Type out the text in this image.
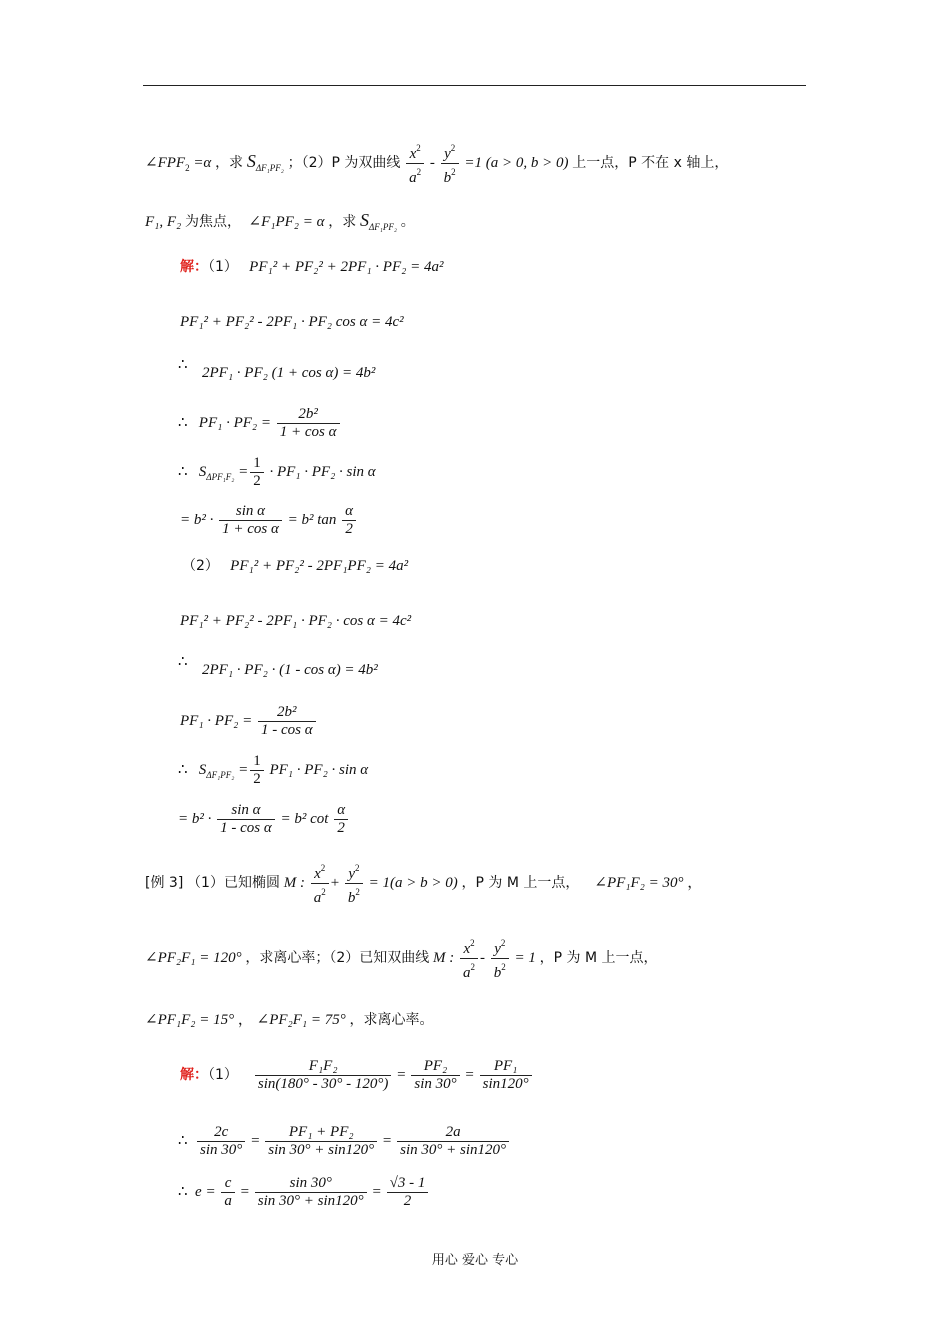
$\angle FPF_2 =\alpha$ ，求 $S_{\Delta F_1PF_2}$ ；（2）P 为双曲线 $\frac{x^2}{a^2} - \frac{y^2}{b^2} =1$ (a > 0, b > 0) 上一点，P 不在 x 轴上，
F₁, F₂ 为焦点， ∠F₁PF₂ = α ，求 $S_{\Delta F_1PF_2}$ 。
解：（1） PF₁² + PF₂² + 2PF₁ · PF₂ = 4a²
PF₁² + PF₂² - 2PF₁ · PF₂ cos α = 4c²
∴ 2PF₁ · PF₂ (1 + cos α) = 4b²
∴ $PF_1 \cdot PF_2 = \frac{\text{2b²}}{\text{1 + cos α}}$
∴ $S_{\Delta PF_1F_2} = \frac{1}{2} \cdot PF_1 \cdot PF_2 \cdot \sin \alpha$
= $b^2 \cdot \frac{\text{sin α}}{\text{1 + cos α}} = b^2$ $\tan \frac{\alpha}{2}$
（2） PF₁² + PF₂² - 2PF₁PF₂ = 4a²
PF₁² + PF₂² - 2PF₁ · PF₂ · cos α = 4c²
∴ 2PF₁ · PF₂ · (1 - cos α) = 4b²
$PF_1 \cdot PF_2 = \frac{\text{2b²}}{\text{1 - cos α}}$
∴ $S_{\Delta F_1PF_2} = \frac{1}{2} PF_1 \cdot PF_2 \cdot \sin \alpha$
= $b^2 \cdot \frac{\text{sin α}}{\text{1 - cos α}} = b^2$ $\cot \frac{\alpha}{2}$
[例 3] （1）已知椭圆 M : $\frac{x^2}{a^2} + \frac{y^2}{b^2} = 1(a > b > 0)$ ，P 为 M 上一点， ∠PF₁F₂ = 30° ，
∠PF₂F₁ = 120° ，求离心率；（2）已知双曲线 M : $\frac{x^2}{a^2} - \frac{y^2}{b^2} = 1$ ，P 为 M 上一点，
∠PF₁F₂ = 15° ， ∠PF₂F₁ = 75° ，求离心率。
解：$(1) \frac{\text{F₁F₂}}{\sin(180^\circ - 30^\circ - 120^\circ)} = \frac{\text{PF₂}}{\sin 30^\circ} = \frac{\text{PF₁}}{\sin 120^\circ}$
∴ $\frac{2c}{\sin 30^\circ} = \frac{\text{PF₁ + PF₂}}{\sin 30^\circ + \sin 120^\circ} = \frac{2a}{\sin 30^\circ + \sin 120^\circ}$
∴ $e = \frac{c}{a} = \frac{\sin 30^\circ}{\sin 30^\circ + \sin 120^\circ} = \frac{√3 - 1}{2}$
用心 爱心 专心
